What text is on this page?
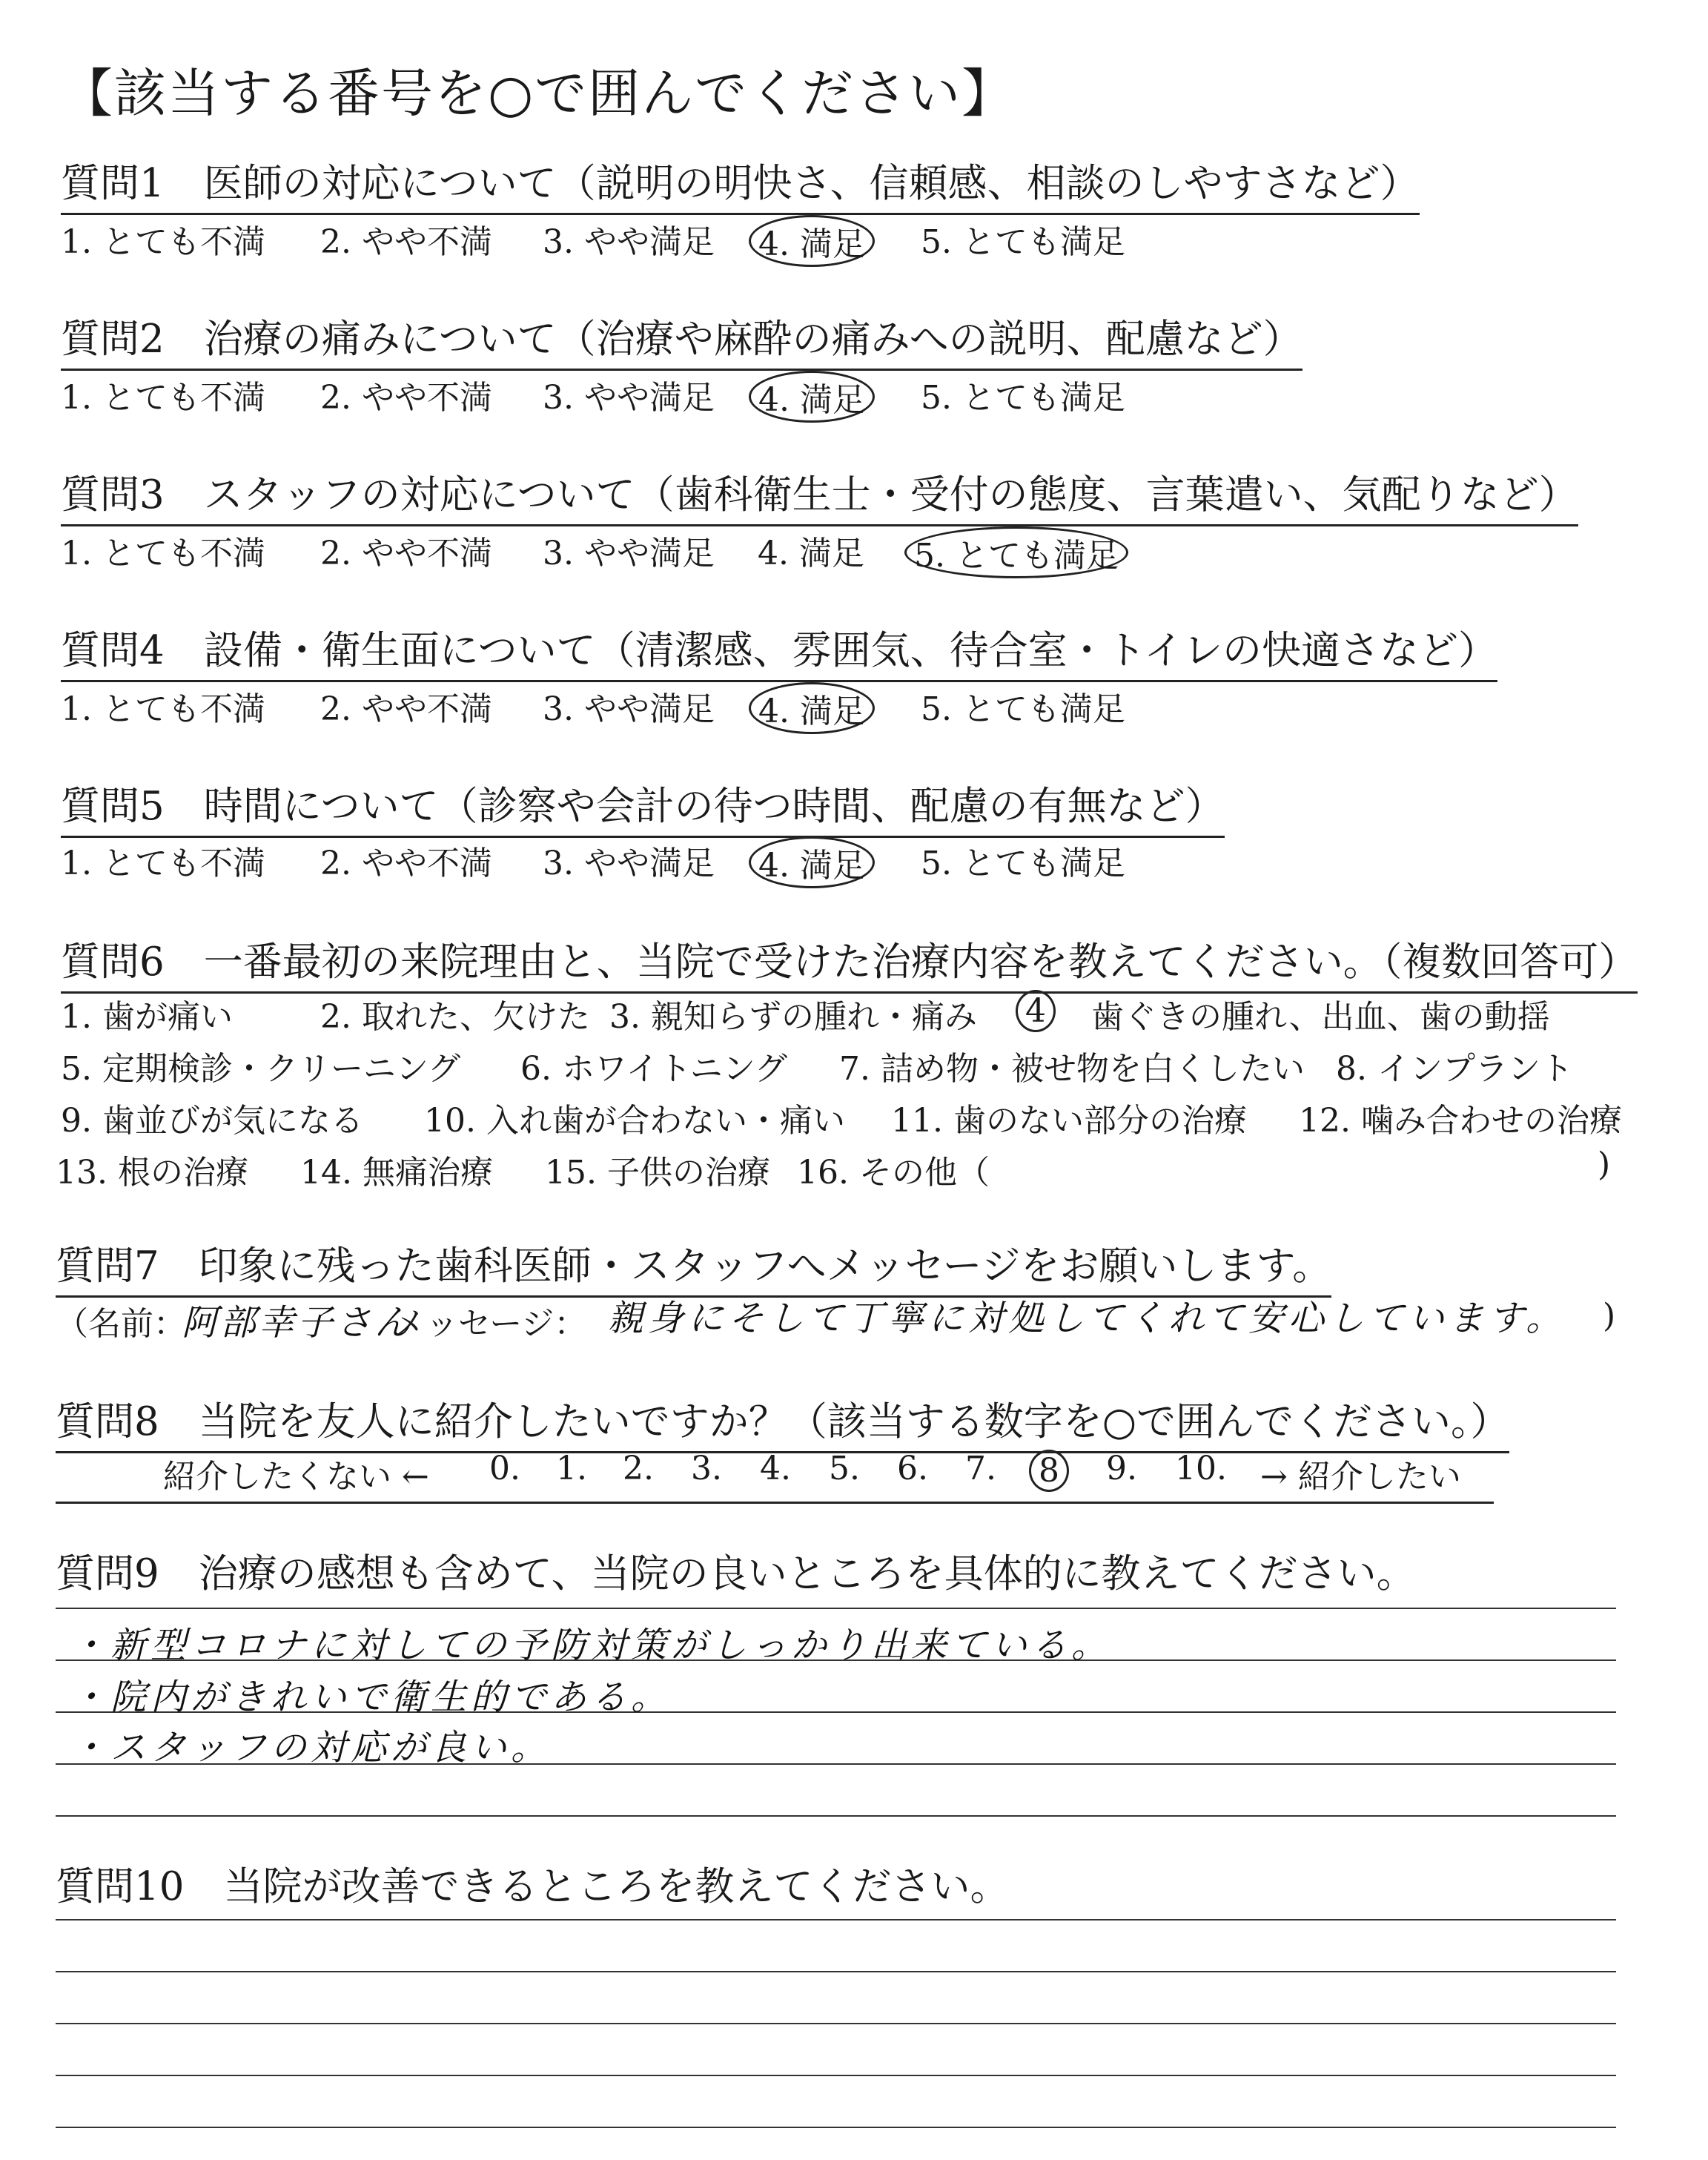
【該当する番号を○で囲んでください】
質問1　医師の対応について（説明の明快さ、信頼感、相談のしやすさなど）
1. とても不満 2. やや不満 3. やや満足 4. 満足 5. とても満足
質問2　治療の痛みについて（治療や麻酔の痛みへの説明、配慮など）
1. とても不満 2. やや不満 3. やや満足 4. 満足 5. とても満足
質問3　スタッフの対応について（歯科衛生士・受付の態度、言葉遣い、気配りなど）
1. とても不満 2. やや不満 3. やや満足 4. 満足 5. とても満足
質問4　設備・衛生面について（清潔感、雰囲気、待合室・トイレの快適さなど）
1. とても不満 2. やや不満 3. やや満足 4. 満足 5. とても満足
質問5　時間について（診察や会計の待つ時間、配慮の有無など）
1. とても不満 2. やや不満 3. やや満足 4. 満足 5. とても満足
質問6　一番最初の来院理由と、当院で受けた治療内容を教えてください。（複数回答可）
1. 歯が痛い	2. 取れた、欠けた 3. 親知らずの腫れ・痛み 4 歯ぐきの腫れ、出血、歯の動揺
5. 定期検診・クリーニング 6. ホワイトニング 7. 詰め物・被せ物を白くしたい 8. インプラント
9. 歯並びが気になる 10. 入れ歯が合わない・痛い 11. 歯のない部分の治療 12. 噛み合わせの治療
13. 根の治療 14. 無痛治療 15. 子供の治療 16. その他（	)
質問7　印象に残った歯科医師・スタッフへメッセージをお願いします。
（名前：
阿部幸子さん
メッセージ： 親身にそして丁寧に対処してくれて安心しています。 )
質問8　当院を友人に紹介したいですか？（該当する数字を○で囲んでください。）
紹介したくない ← 0. 1. 2. 3. 4. 5. 6. 7. 8 9. 10. → 紹介したい
質問9　治療の感想も含めて、当院の良いところを具体的に教えてください。
・新型コロナに対しての予防対策がしっかり出来ている。
・院内がきれいで衛生的である。
・スタッフの対応が良い。
質問10　当院が改善できるところを教えてください。
